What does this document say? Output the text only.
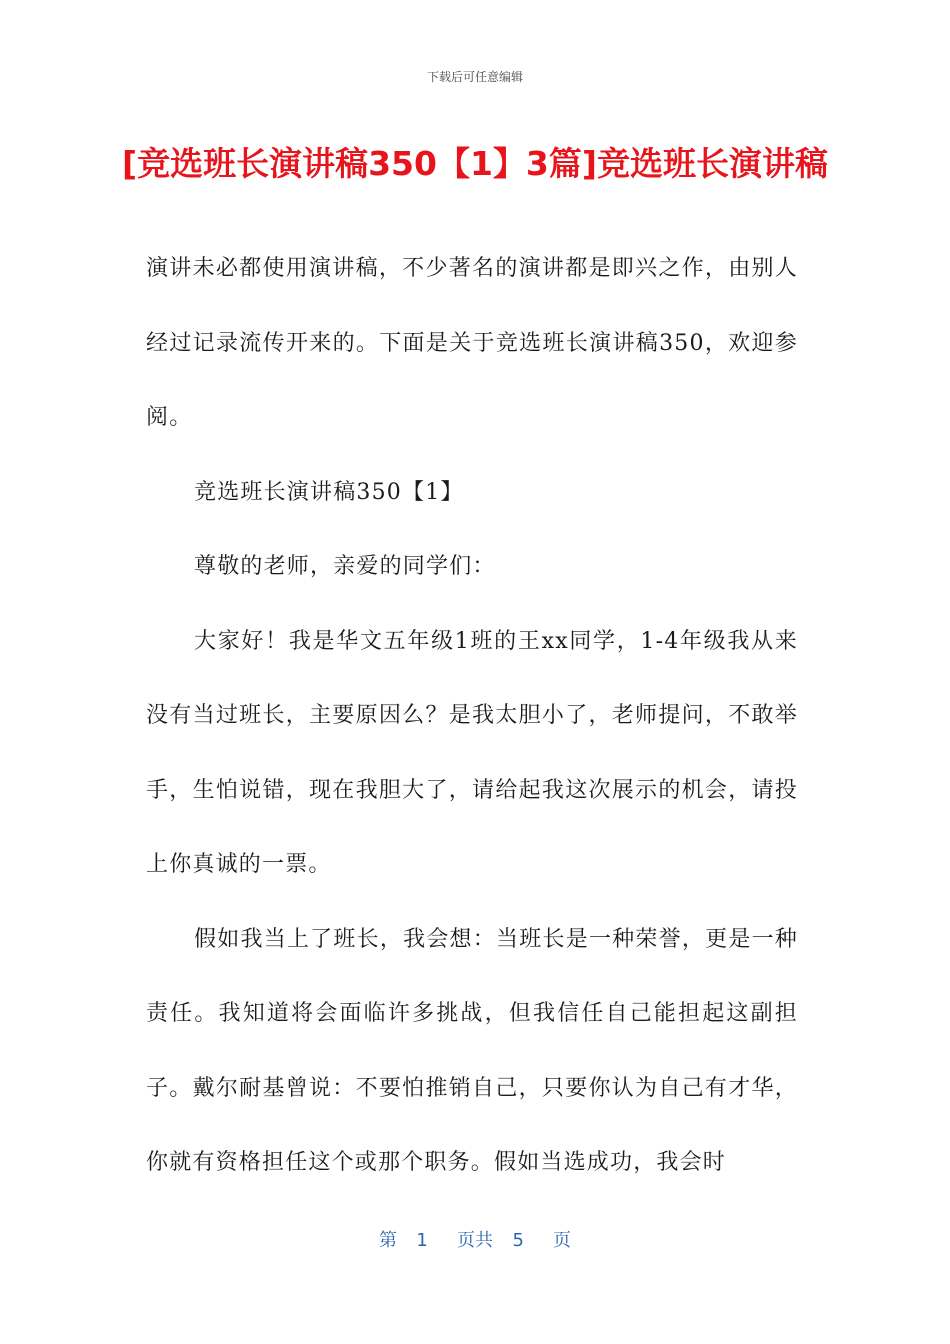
下载后可任意编辑
[竞选班长演讲稿350【1】3篇]竞选班长演讲稿

演讲未必都使用演讲稿，不少著名的演讲都是即兴之作，由别人经过记录流传开来的。下面是关于竞选班长演讲稿350，欢迎参阅。

竞选班长演讲稿350【1】

尊敬的老师，亲爱的同学们：

大家好！我是华文五年级1班的王xx同学，1-4年级我从来没有当过班长，主要原因么？是我太胆小了，老师提问，不敢举手，生怕说错，现在我胆大了，请给起我这次展示的机会，请投上你真诚的一票。

假如我当上了班长，我会想：当班长是一种荣誉，更是一种责任。我知道将会面临许多挑战，但我信任自己能担起这副担子。戴尔耐基曾说：不要怕推销自己，只要你认为自己有才华，你就有资格担任这个或那个职务。假如当选成功，我会时

第  1   页共  5   页
